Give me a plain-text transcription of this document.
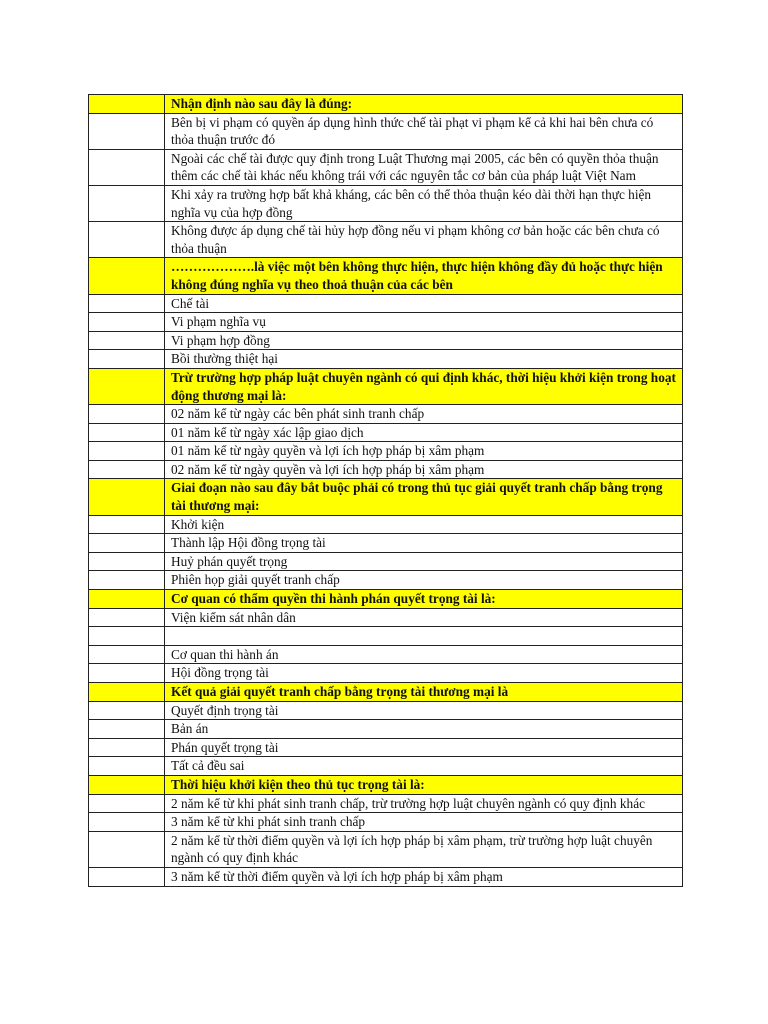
	Nhận định nào sau đây là đúng:
	Bên bị vi phạm có quyền áp dụng hình thức chế tài phạt vi phạm kể cả khi hai bên chưa có thỏa thuận trước đó
	Ngoài các chế tài được quy định trong Luật Thương mại 2005, các bên có quyền thỏa thuận thêm các chế tài khác nếu không trái với các nguyên tắc cơ bản của pháp luật Việt Nam
	Khi xảy ra trường hợp bất khả kháng, các bên có thể thỏa thuận kéo dài thời hạn thực hiện nghĩa vụ của hợp đồng
	Không được áp dụng chế tài hủy hợp đồng nếu vi phạm không cơ bản hoặc các bên chưa có thỏa thuận
	……………….là việc một bên không thực hiện, thực hiện không đầy đủ hoặc thực hiện không đúng nghĩa vụ theo thoả thuận của các bên
	Chế tài
	Vi phạm nghĩa vụ
	Vi phạm hợp đồng
	Bồi thường thiệt hại
	Trừ trường hợp pháp luật chuyên ngành có qui định khác, thời hiệu khởi kiện trong hoạt động thương mại là:
	02 năm kể từ ngày các bên phát sinh tranh chấp
	01 năm kể từ ngày xác lập giao dịch
	01 năm kể từ ngày quyền và lợi ích hợp pháp bị xâm phạm
	02 năm kể từ ngày quyền và lợi ích hợp pháp bị xâm phạm
	Giai đoạn nào sau đây bắt buộc phải có trong thủ tục giải quyết tranh chấp bằng trọng tài thương mại:
	Khởi kiện
	Thành lập Hội đồng trọng tài
	Huỷ phán quyết trọng
	Phiên họp giải quyết tranh chấp
	Cơ quan có thẩm quyền thi hành phán quyết trọng tài là:
	Viện kiểm sát nhân dân

	Cơ quan thi hành án
	Hội đồng trọng tài
	Kết quả giải quyết tranh chấp bằng trọng tài thương mại là
	Quyết định trọng tài
	Bản án
	Phán quyết trọng tài
	Tất cả đều sai
	Thời hiệu khởi kiện theo thủ tục trọng tài là:
	2 năm kể từ khi phát sinh tranh chấp, trừ trường hợp luật chuyên ngành có quy định khác
	3 năm kể từ khi phát sinh tranh chấp
	2 năm kể từ thời điểm quyền và lợi ích hợp pháp bị xâm phạm, trừ trường hợp luật chuyên ngành có quy định khác
	3 năm kể từ thời điểm quyền và lợi ích hợp pháp bị xâm phạm
